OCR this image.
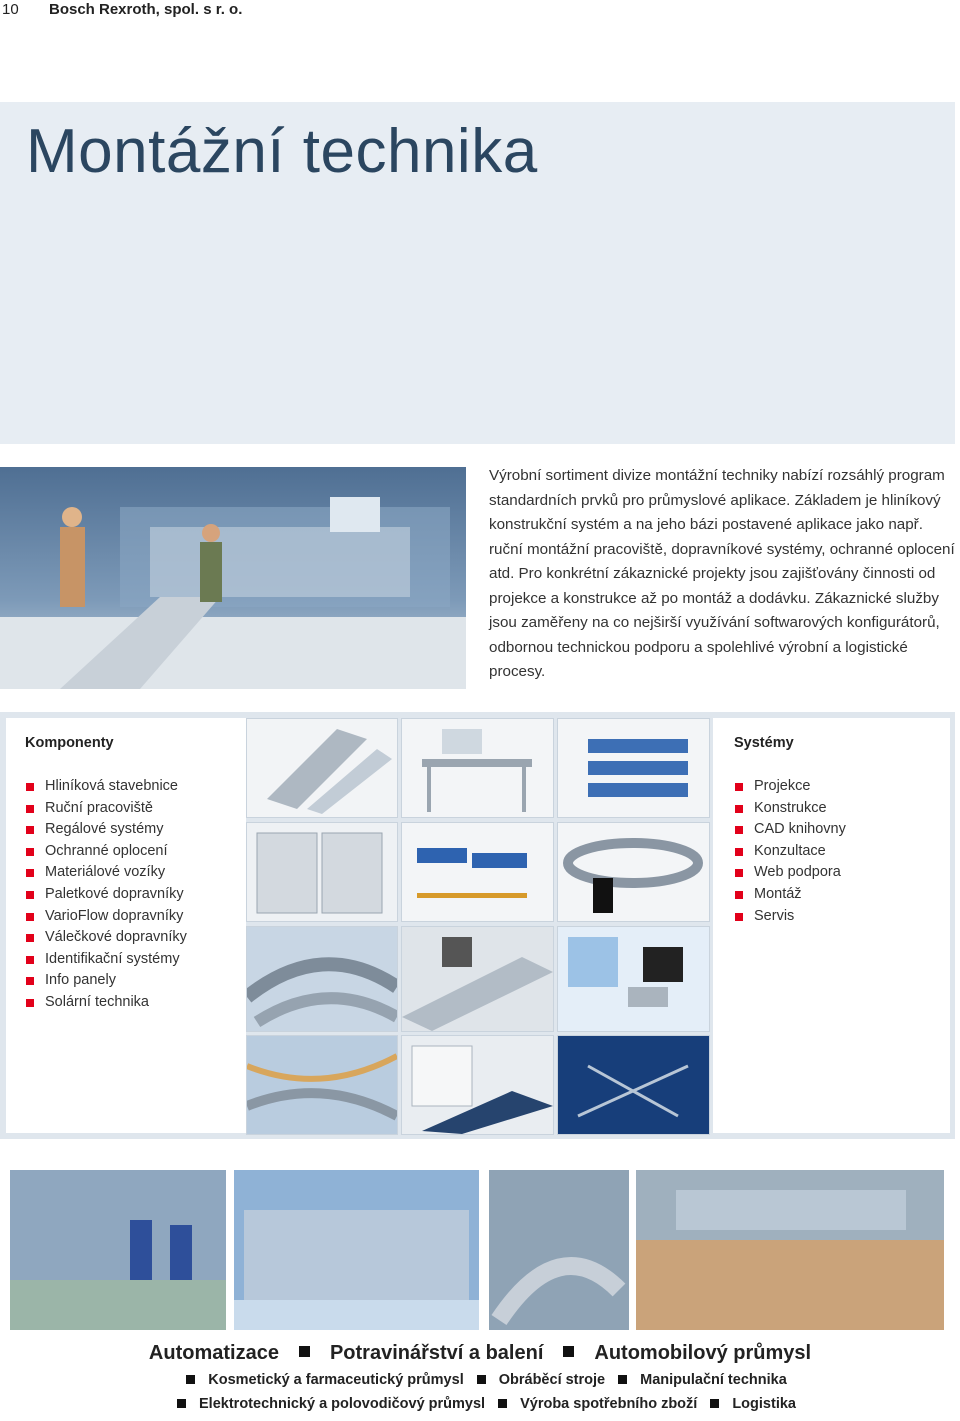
10 Bosch Rexroth, spol. s r. o.
Montážní technika
Výrobní sortiment divize montážní techniky nabízí rozsáhlý program standardních prvků pro průmyslové aplikace. Základem je hliníkový konstrukční systém a na jeho bázi postavené aplikace jako např. ruční montážní pracoviště, dopravníkové systémy, ochranné oplocení atd. Pro konkrétní zákaznické projekty jsou zajišťovány činnosti od projekce a konstrukce až po montáž a dodávku. Zákaznické služby jsou zaměřeny na co nejširší využívání softwarových konfigurátorů, odbornou technickou podporu a spolehlivé výrobní a logistické procesy.
Komponenty
Hliníková stavebnice
Ruční pracoviště
Regálové systémy
Ochranné oplocení
Materiálové vozíky
Paletkové dopravníky
VarioFlow dopravníky
Válečkové dopravníky
Identifikační systémy
Info panely
Solární technika
Systémy
Projekce
Konstrukce
CAD knihovny
Konzultace
Web podpora
Montáž
Servis
Automatizace	Potravinářství a balení	Automobilový průmysl
Kosmetický a farmaceutický průmysl Obráběcí stroje Manipulační technika
Elektrotechnický a polovodičový průmysl Výroba spotřebního zboží Logistika
